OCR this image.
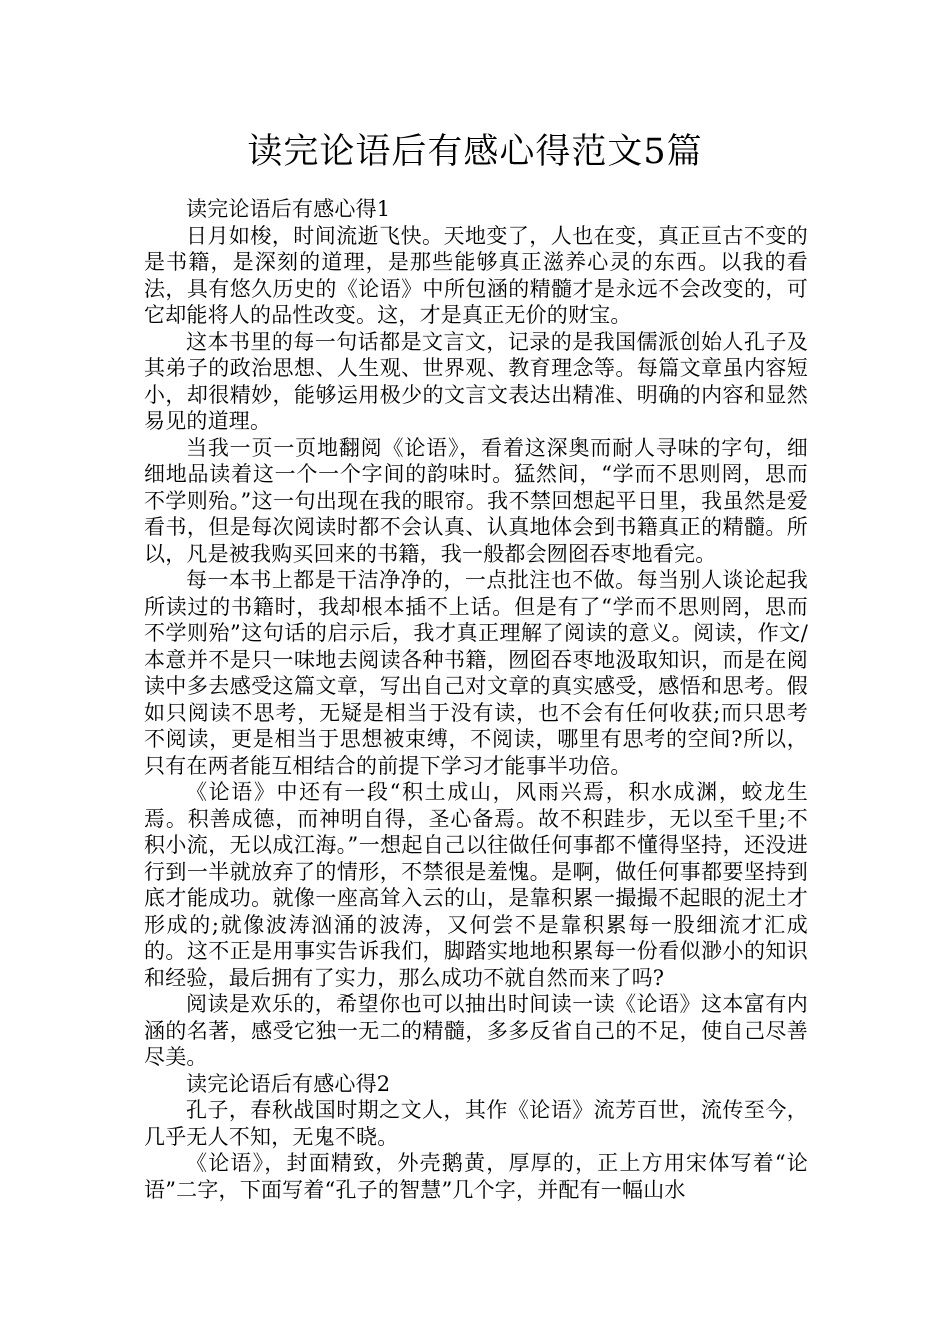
读完论语后有感心得范文5篇

读完论语后有感心得1

日月如梭，时间流逝飞快。天地变了，人也在变，真正亘古不变的是书籍，是深刻的道理，是那些能够真正滋养心灵的东西。以我的看法，具有悠久历史的《论语》中所包涵的精髓才是永远不会改变的，可它却能将人的品性改变。这，才是真正无价的财宝。

这本书里的每一句话都是文言文，记录的是我国儒派创始人孔子及其弟子的政治思想、人生观、世界观、教育理念等。每篇文章虽内容短小，却很精妙，能够运用极少的文言文表达出精准、明确的内容和显然易见的道理。

当我一页一页地翻阅《论语》，看着这深奥而耐人寻味的字句，细细地品读着这一个一个字间的韵味时。猛然间，“学而不思则罔，思而不学则殆。”这一句出现在我的眼帘。我不禁回想起平日里，我虽然是爱看书，但是每次阅读时都不会认真、认真地体会到书籍真正的精髓。所以，凡是被我购买回来的书籍，我一般都会囫囵吞枣地看完。

每一本书上都是干洁净净的，一点批注也不做。每当别人谈论起我所读过的书籍时，我却根本插不上话。但是有了“学而不思则罔，思而不学则殆”这句话的启示后，我才真正理解了阅读的意义。阅读，作文/本意并不是只一味地去阅读各种书籍，囫囵吞枣地汲取知识，而是在阅读中多去感受这篇文章，写出自己对文章的真实感受，感悟和思考。假如只阅读不思考，无疑是相当于没有读，也不会有任何收获;而只思考不阅读，更是相当于思想被束缚，不阅读，哪里有思考的空间?所以，只有在两者能互相结合的前提下学习才能事半功倍。

《论语》中还有一段“积土成山，风雨兴焉，积水成渊，蛟龙生焉。积善成德，而神明自得，圣心备焉。故不积跬步，无以至千里;不积小流，无以成江海。”一想起自己以往做任何事都不懂得坚持，还没进行到一半就放弃了的情形，不禁很是羞愧。是啊，做任何事都要坚持到底才能成功。就像一座高耸入云的山，是靠积累一撮撮不起眼的泥土才形成的;就像波涛汹涌的波涛，又何尝不是靠积累每一股细流才汇成的。这不正是用事实告诉我们，脚踏实地地积累每一份看似渺小的知识和经验，最后拥有了实力，那么成功不就自然而来了吗?

阅读是欢乐的，希望你也可以抽出时间读一读《论语》这本富有内涵的名著，感受它独一无二的精髓，多多反省自己的不足，使自己尽善尽美。

读完论语后有感心得2

孔子，春秋战国时期之文人，其作《论语》流芳百世，流传至今，几乎无人不知，无鬼不晓。

《论语》，封面精致，外壳鹅黄，厚厚的，正上方用宋体写着“论语”二字，下面写着“孔子的智慧”几个字，并配有一幅山水
